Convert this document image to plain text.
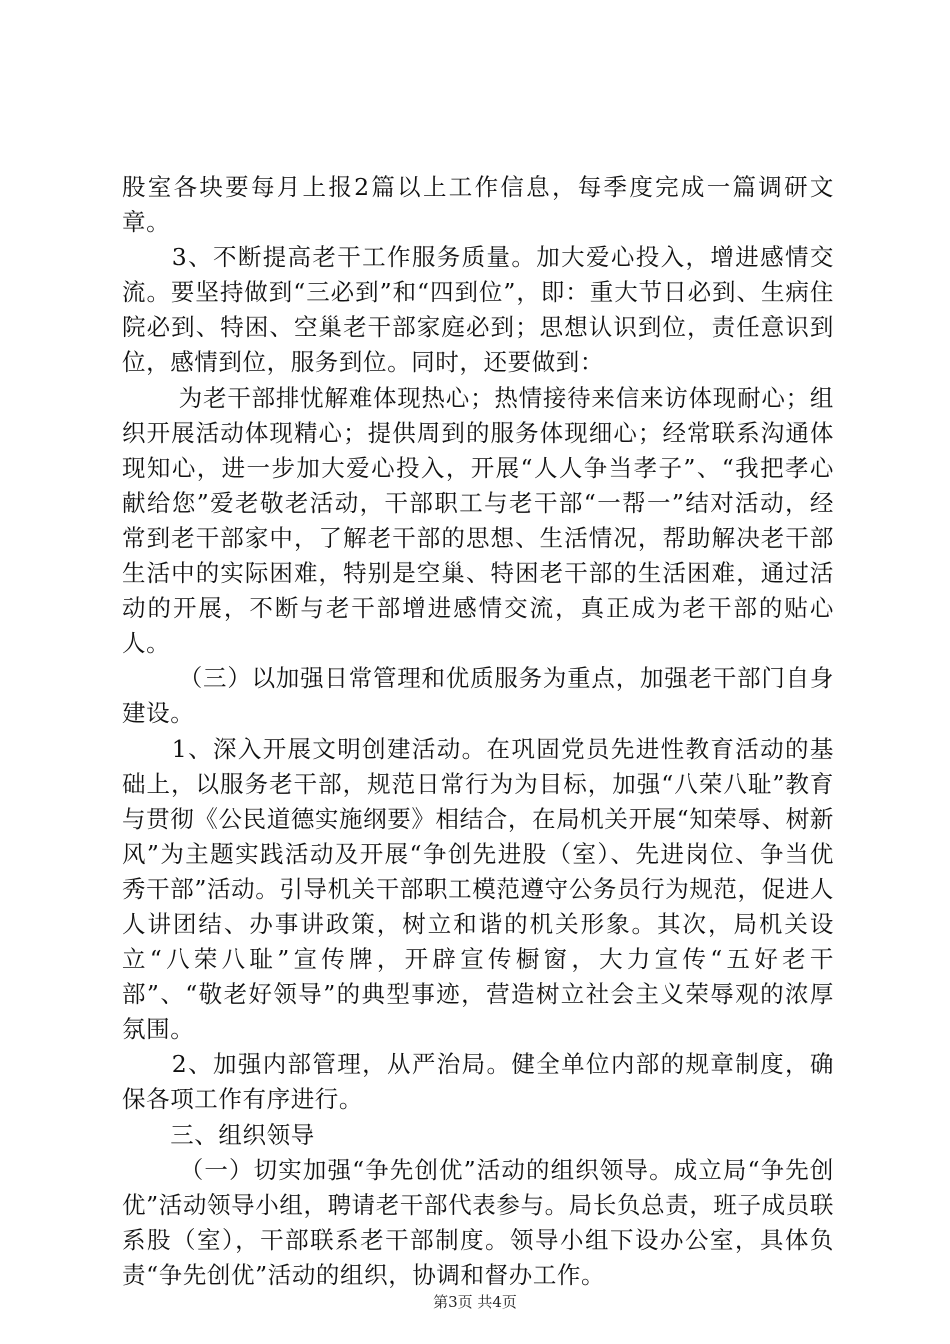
股室各块要每月上报2篇以上工作信息，每季度完成一篇调研文章。

　　3、不断提高老干工作服务质量。加大爱心投入，增进感情交流。要坚持做到“三必到”和“四到位”，即：重大节日必到、生病住院必到、特困、空巢老干部家庭必到；思想认识到位，责任意识到位，感情到位，服务到位。同时，还要做到：

　　 为老干部排忧解难体现热心；热情接待来信来访体现耐心；组织开展活动体现精心；提供周到的服务体现细心；经常联系沟通体现知心，进一步加大爱心投入，开展“人人争当孝子”、“我把孝心献给您”爱老敬老活动，干部职工与老干部“一帮一”结对活动，经常到老干部家中，了解老干部的思想、生活情况，帮助解决老干部生活中的实际困难，特别是空巢、特困老干部的生活困难，通过活动的开展，不断与老干部增进感情交流，真正成为老干部的贴心人。

　　 （三）以加强日常管理和优质服务为重点，加强老干部门自身建设。

　　1、深入开展文明创建活动。在巩固党员先进性教育活动的基础上，以服务老干部，规范日常行为为目标，加强“八荣八耻”教育与贯彻《公民道德实施纲要》相结合，在局机关开展“知荣辱、树新风”为主题实践活动及开展“争创先进股（室）、先进岗位、争当优秀干部”活动。引导机关干部职工模范遵守公务员行为规范，促进人人讲团结、办事讲政策，树立和谐的机关形象。其次，局机关设立“八荣八耻”宣传牌，开辟宣传橱窗，大力宣传“五好老干部”、“敬老好领导”的典型事迹，营造树立社会主义荣辱观的浓厚氛围。

　　2、加强内部管理，从严治局。健全单位内部的规章制度，确保各项工作有序进行。

　　三、组织领导

　　 （一）切实加强“争先创优”活动的组织领导。成立局“争先创优”活动领导小组，聘请老干部代表参与。局长负总责，班子成员联系股（室），干部联系老干部制度。领导小组下设办公室，具体负责“争先创优”活动的组织，协调和督办工作。

第3页 共4页
